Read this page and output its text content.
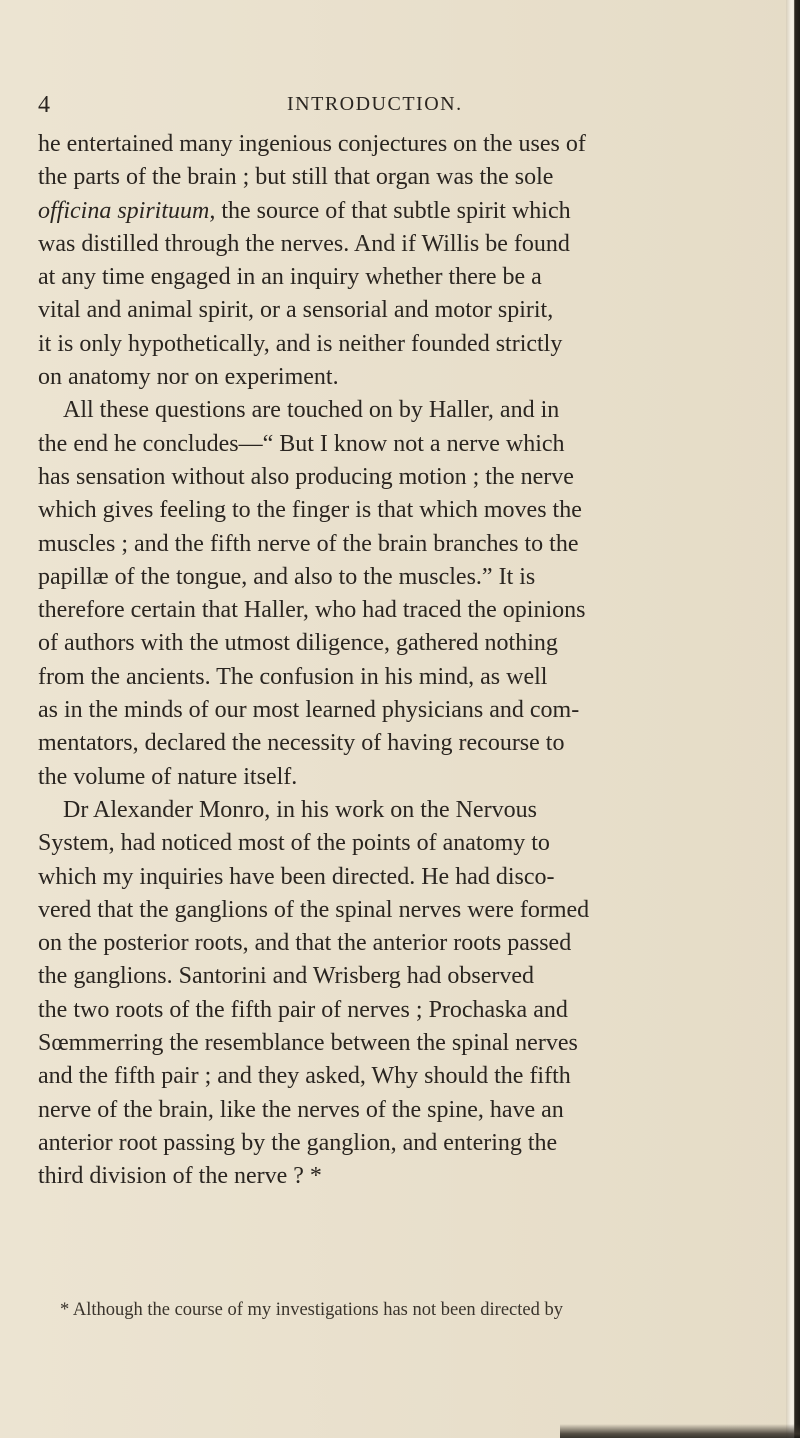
4	INTRODUCTION.
he entertained many ingenious conjectures on the uses of
the parts of the brain ; but still that organ was the sole
officina spirituum, the source of that subtle spirit which
was distilled through the nerves. And if Willis be found
at any time engaged in an inquiry whether there be a
vital and animal spirit, or a sensorial and motor spirit,
it is only hypothetically, and is neither founded strictly
on anatomy nor on experiment.
All these questions are touched on by Haller, and in
the end he concludes—“ But I know not a nerve which
has sensation without also producing motion ; the nerve
which gives feeling to the finger is that which moves the
muscles ; and the fifth nerve of the brain branches to the
papillæ of the tongue, and also to the muscles.” It is
therefore certain that Haller, who had traced the opinions
of authors with the utmost diligence, gathered nothing
from the ancients. The confusion in his mind, as well
as in the minds of our most learned physicians and com-
mentators, declared the necessity of having recourse to
the volume of nature itself.
Dr Alexander Monro, in his work on the Nervous
System, had noticed most of the points of anatomy to
which my inquiries have been directed. He had disco-
vered that the ganglions of the spinal nerves were formed
on the posterior roots, and that the anterior roots passed
the ganglions. Santorini and Wrisberg had observed
the two roots of the fifth pair of nerves ; Prochaska and
Sœmmerring the resemblance between the spinal nerves
and the fifth pair ; and they asked, Why should the fifth
nerve of the brain, like the nerves of the spine, have an
anterior root passing by the ganglion, and entering the
third division of the nerve ? *
* Although the course of my investigations has not been directed by
